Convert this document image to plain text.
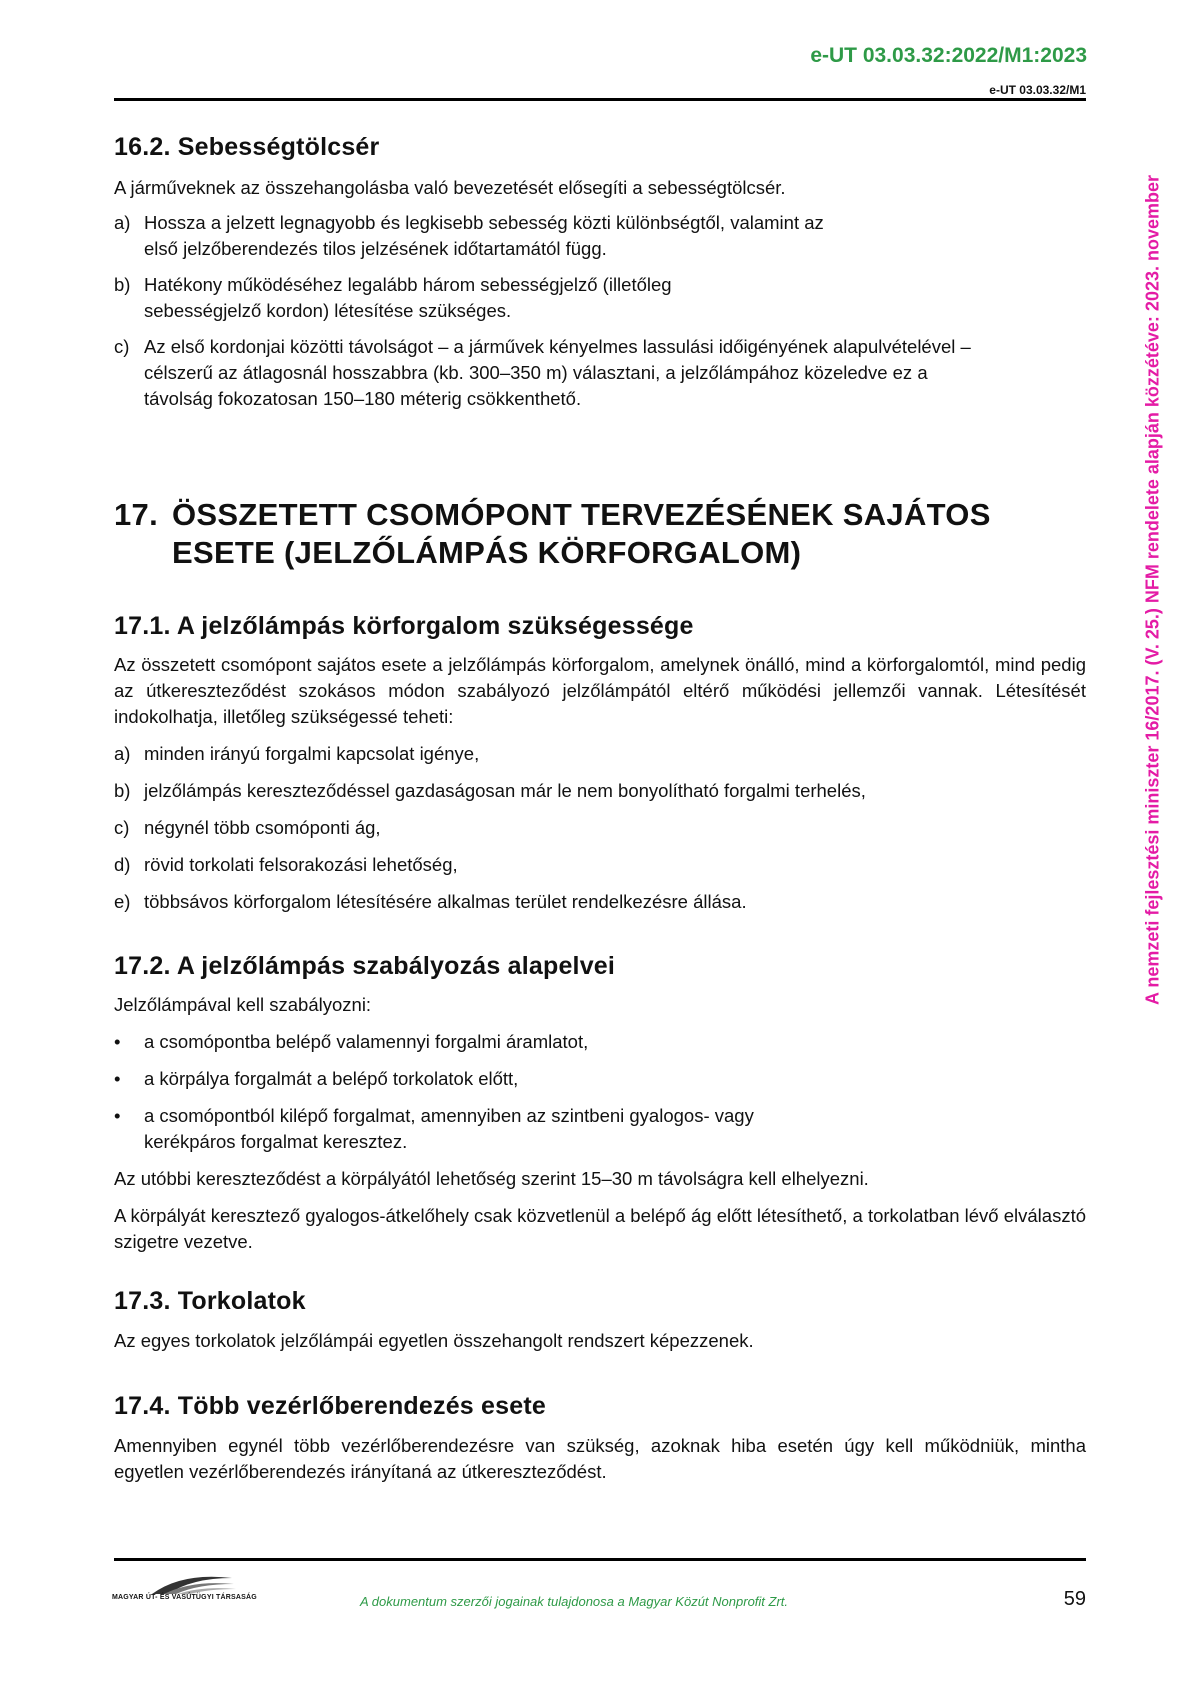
e-UT 03.03.32:2022/M1:2023
e-UT 03.03.32/M1
A nemzeti fejlesztési miniszter 16/2017. (V. 25.) NFM rendelete alapján közzétéve: 2023. november
16.2. Sebességtölcsér
A járműveknek az összehangolásba való bevezetését elősegíti a sebességtölcsér.
a) Hossza a jelzett legnagyobb és legkisebb sebesség közti különbségtől, valamint az első jelzőberendezés tilos jelzésének időtartamától függ.
b) Hatékony működéséhez legalább három sebességjelző (illetőleg sebességjelző kordon) létesítése szükséges.
c) Az első kordonjai közötti távolságot – a járművek kényelmes lassulási időigényének alapulvételével – célszerű az átlagosnál hosszabbra (kb. 300–350 m) választani, a jelzőlámpához közeledve ez a távolság fokozatosan 150–180 méterig csökkenthető.
17. ÖSSZETETT CSOMÓPONT TERVEZÉSÉNEK SAJÁTOS
ESETE (JELZŐLÁMPÁS KÖRFORGALOM)
17.1. A jelzőlámpás körforgalom szükségessége
Az összetett csomópont sajátos esete a jelzőlámpás körforgalom, amelynek önálló, mind a körforgalomtól, mind pedig az útkereszteződést szokásos módon szabályozó jelzőlámpától eltérő működési jellemzői vannak. Létesítését indokolhatja, illetőleg szükségessé teheti:
a) minden irányú forgalmi kapcsolat igénye,
b) jelzőlámpás kereszteződéssel gazdaságosan már le nem bonyolítható forgalmi terhelés,
c) négynél több csomóponti ág,
d) rövid torkolati felsorakozási lehetőség,
e) többsávos körforgalom létesítésére alkalmas terület rendelkezésre állása.
17.2. A jelzőlámpás szabályozás alapelvei
Jelzőlámpával kell szabályozni:
•	a csomópontba belépő valamennyi forgalmi áramlatot,
•	a körpálya forgalmát a belépő torkolatok előtt,
•	a csomópontból kilépő forgalmat, amennyiben az szintbeni gyalogos- vagy kerékpáros forgalmat keresztez.
Az utóbbi kereszteződést a körpályától lehetőség szerint 15–30 m távolságra kell elhelyezni.
A körpályát keresztező gyalogos-átkelőhely csak közvetlenül a belépő ág előtt létesíthető, a torkolatban lévő elválasztó szigetre vezetve.
17.3. Torkolatok
Az egyes torkolatok jelzőlámpái egyetlen összehangolt rendszert képezzenek.
17.4. Több vezérlőberendezés esete
Amennyiben egynél több vezérlőberendezésre van szükség, azoknak hiba esetén úgy kell működniük, mintha egyetlen vezérlőberendezés irányítaná az útkereszteződést.
MAGYAR ÚT- ÉS VASÚTÜGYI TÁRSASÁG	A dokumentum szerzői jogainak tulajdonosa a Magyar Közút Nonprofit Zrt.	59
